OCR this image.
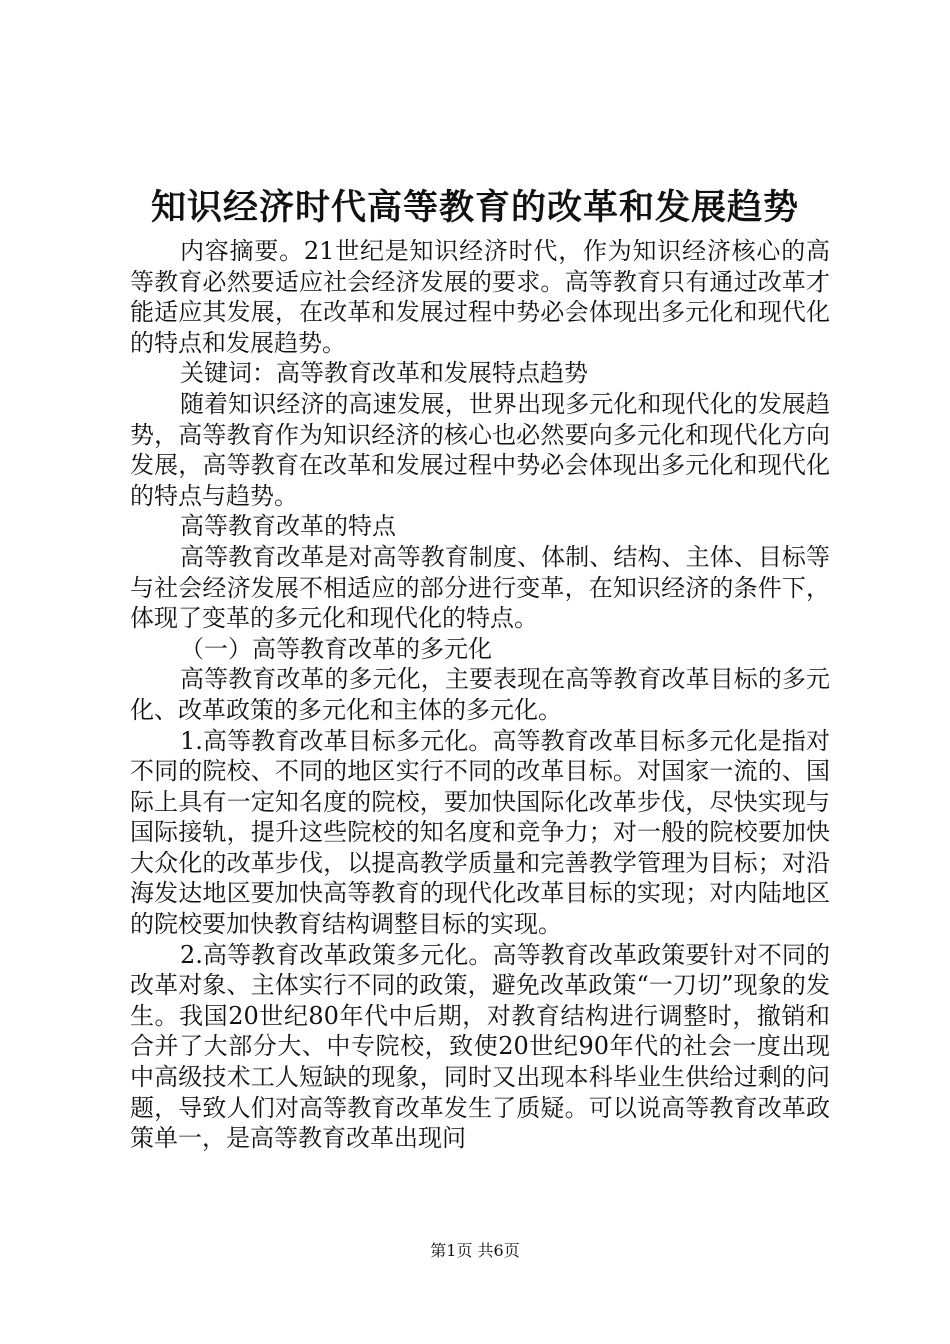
知识经济时代高等教育的改革和发展趋势

内容摘要。21世纪是知识经济时代，作为知识经济核心的高等教育必然要适应社会经济发展的要求。高等教育只有通过改革才能适应其发展，在改革和发展过程中势必会体现出多元化和现代化的特点和发展趋势。

关键词：高等教育改革和发展特点趋势

随着知识经济的高速发展，世界出现多元化和现代化的发展趋势，高等教育作为知识经济的核心也必然要向多元化和现代化方向发展，高等教育在改革和发展过程中势必会体现出多元化和现代化的特点与趋势。

高等教育改革的特点

高等教育改革是对高等教育制度、体制、结构、主体、目标等与社会经济发展不相适应的部分进行变革，在知识经济的条件下，体现了变革的多元化和现代化的特点。

（一）高等教育改革的多元化

高等教育改革的多元化，主要表现在高等教育改革目标的多元化、改革政策的多元化和主体的多元化。

1.高等教育改革目标多元化。高等教育改革目标多元化是指对不同的院校、不同的地区实行不同的改革目标。对国家一流的、国际上具有一定知名度的院校，要加快国际化改革步伐，尽快实现与国际接轨，提升这些院校的知名度和竞争力；对一般的院校要加快大众化的改革步伐，以提高教学质量和完善教学管理为目标；对沿海发达地区要加快高等教育的现代化改革目标的实现；对内陆地区的院校要加快教育结构调整目标的实现。

2.高等教育改革政策多元化。高等教育改革政策要针对不同的改革对象、主体实行不同的政策，避免改革政策“一刀切”现象的发生。我国20世纪80年代中后期，对教育结构进行调整时，撤销和合并了大部分大、中专院校，致使20世纪90年代的社会一度出现中高级技术工人短缺的现象，同时又出现本科毕业生供给过剩的问题，导致人们对高等教育改革发生了质疑。可以说高等教育改革政策单一，是高等教育改革出现问

第1页 共6页
